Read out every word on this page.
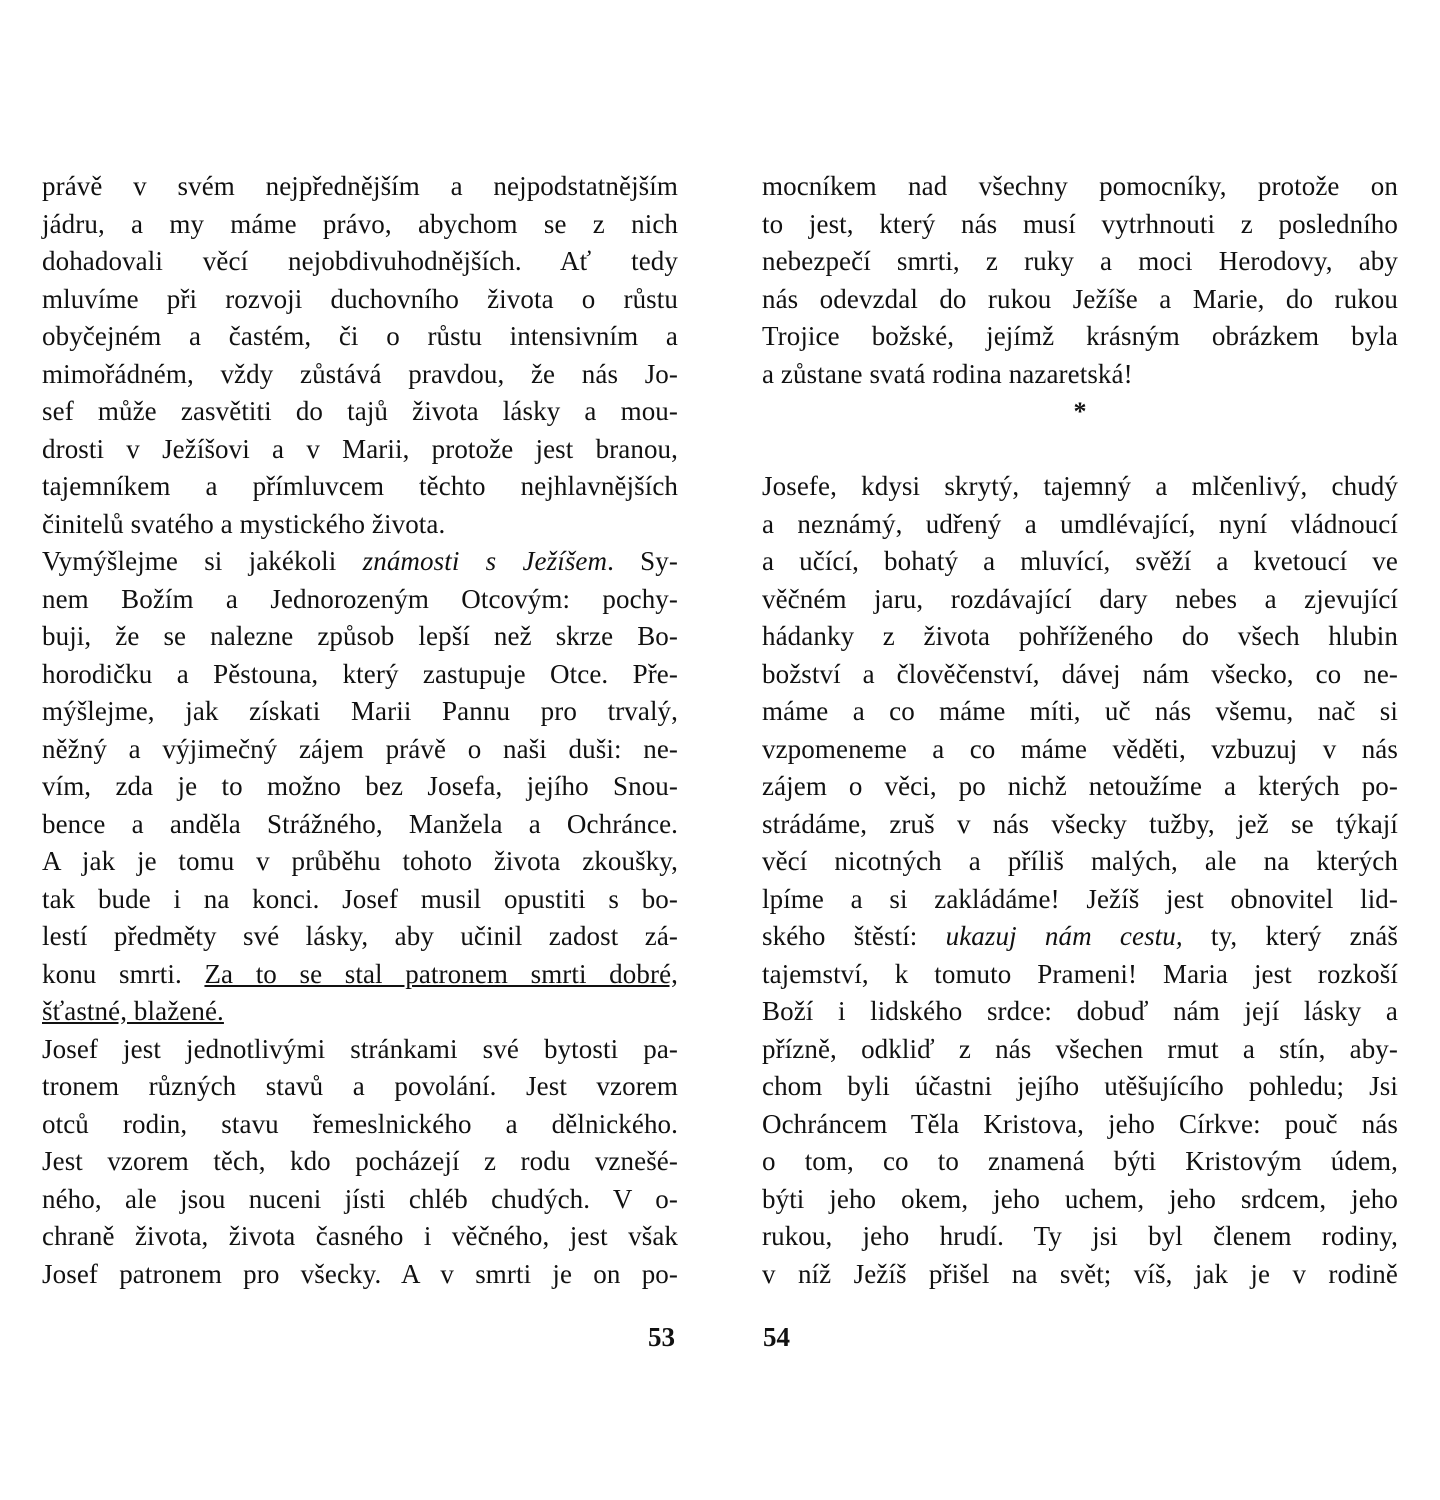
právě v svém nejpřednějším a nejpodstatnějším
jádru, a my máme právo, abychom se z nich
dohadovali věcí nejobdivuhodnějších. Ať tedy
mluvíme při rozvoji duchovního života o růstu
obyčejném a častém, či o růstu intensivním a
mimořádném, vždy zůstává pravdou, že nás Jo-
sef může zasvětiti do tajů života lásky a mou-
drosti v Ježíšovi a v Marii, protože jest branou,
tajemníkem a přímluvcem těchto nejhlavnějších
činitelů svatého a mystického života.
Vymýšlejme si jakékoli známosti s Ježíšem. Sy-
nem Božím a Jednorozeným Otcovým: pochy-
buji, že se nalezne způsob lepší než skrze Bo-
horodičku a Pěstouna, který zastupuje Otce. Pře-
mýšlejme, jak získati Marii Pannu pro trvalý,
něžný a výjimečný zájem právě o naši duši: ne-
vím, zda je to možno bez Josefa, jejího Snou-
bence a anděla Strážného, Manžela a Ochránce.
A jak je tomu v průběhu tohoto života zkoušky,
tak bude i na konci. Josef musil opustiti s bo-
lestí předměty své lásky, aby učinil zadost zá-
konu smrti. Za to se stal patronem smrti dobré,
šťastné, blažené.
Josef jest jednotlivými stránkami své bytosti pa-
tronem různých stavů a povolání. Jest vzorem
otců rodin, stavu řemeslnického a dělnického.
Jest vzorem těch, kdo pocházejí z rodu vznešé-
ného, ale jsou nuceni jísti chléb chudých. V o-
chraně života, života časného i věčného, jest však
Josef patronem pro všecky. A v smrti je on po-
mocníkem nad všechny pomocníky, protože on
to jest, který nás musí vytrhnouti z posledního
nebezpečí smrti, z ruky a moci Herodovy, aby
nás odevzdal do rukou Ježíše a Marie, do rukou
Trojice božské, jejímž krásným obrázkem byla
a zůstane svatá rodina nazaretská!
*
Josefe, kdysi skrytý, tajemný a mlčenlivý, chudý
a neznámý, udřený a umdlévající, nyní vládnoucí
a učící, bohatý a mluvící, svěží a kvetoucí ve
věčném jaru, rozdávající dary nebes a zjevující
hádanky z života pohříženého do všech hlubin
božství a člověčenství, dávej nám všecko, co ne-
máme a co máme míti, uč nás všemu, nač si
vzpomeneme a co máme věděti, vzbuzuj v nás
zájem o věci, po nichž netoužíme a kterých po-
strádáme, zruš v nás všecky tužby, jež se týkají
věcí nicotných a příliš malých, ale na kterých
lpíme a si zakládáme! Ježíš jest obnovitel lid-
ského štěstí: ukazuj nám cestu, ty, který znáš
tajemství, k tomuto Prameni! Maria jest rozkoší
Boží i lidského srdce: dobuď nám její lásky a
přízně, odkliď z nás všechen rmut a stín, aby-
chom byli účastni jejího utěšujícího pohledu; Jsi
Ochráncem Těla Kristova, jeho Církve: pouč nás
o tom, co to znamená býti Kristovým údem,
býti jeho okem, jeho uchem, jeho srdcem, jeho
rukou, jeho hrudí. Ty jsi byl členem rodiny,
v níž Ježíš přišel na svět; víš, jak je v rodině
53	54
